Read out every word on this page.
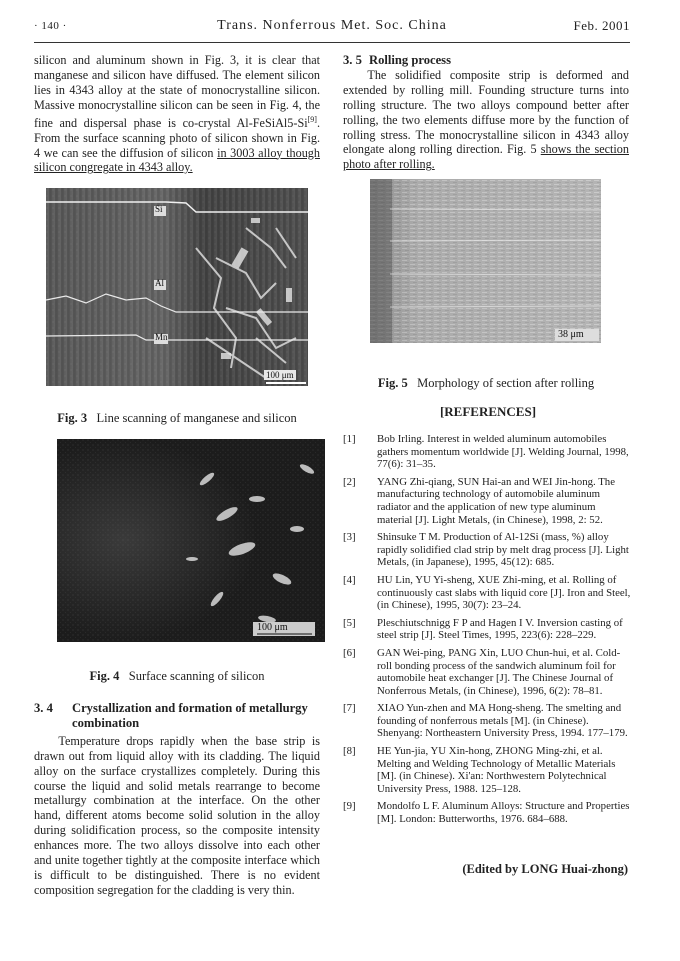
· 140 ·	Trans. Nonferrous Met. Soc. China	Feb. 2001

silicon and aluminum shown in Fig. 3, it is clear that manganese and silicon have diffused. The element silicon lies in 4343 alloy at the state of monocrystalline silicon. Massive monocrystalline silicon can be seen in Fig. 4, the fine and dispersal phase is co-crystal Al-FeSiAl5-Si[9]. From the surface scanning photo of silicon shown in Fig. 4 we can see the diffusion of silicon in 3003 alloy though silicon congregate in 4343 alloy.

Si
Al
Mn
100 μm
Fig. 3 Line scanning of manganese and silicon
100 μm
Fig. 4 Surface scanning of silicon
3. 4	Crystallization and formation of metallurgy combination

Temperature drops rapidly when the base strip is drawn out from liquid alloy with its cladding. The liquid alloy on the surface crystallizes completely. During this course the liquid and solid metals rearrange to become metallurgy combination at the interface. On the other hand, different atoms become solid solution in the alloy during solidification process, so the composite intensity enhances more. The two alloys dissolve into each other and unite together tightly at the composite interface which is difficult to be distinguished. There is no evident composition segregation for the cladding is very thin.

3. 5 Rolling process

The solidified composite strip is deformed and extended by rolling mill. Founding structure turns into rolling structure. The two alloys compound better after rolling, the two elements diffuse more by the function of rolling stress. The monocrystalline silicon in 4343 alloy elongate along rolling direction. Fig. 5 shows the section photo after rolling.

38 μm
Fig. 5 Morphology of section after rolling
[REFERENCES]
[1]	Bob Irling. Interest in welded aluminum automobiles gathers momentum worldwide [J]. Welding Journal, 1998, 77(6): 31–35.
[2]	YANG Zhi-qiang, SUN Hai-an and WEI Jin-hong. The manufacturing technology of automobile aluminum radiator and the application of new type aluminum material [J]. Light Metals, (in Chinese), 1998, 2: 52.
[3]	Shinsuke T M. Production of Al-12Si (mass, %) alloy rapidly solidified clad strip by melt drag process [J]. Light Metals, (in Japanese), 1995, 45(12): 685.
[4]	HU Lin, YU Yi-sheng, XUE Zhi-ming, et al. Rolling of continuously cast slabs with liquid core [J]. Iron and Steel, (in Chinese), 1995, 30(7): 23–24.
[5]	Pleschiutschnigg F P and Hagen I V. Inversion casting of steel strip [J]. Steel Times, 1995, 223(6): 228–229.
[6]	GAN Wei-ping, PANG Xin, LUO Chun-hui, et al. Cold-roll bonding process of the sandwich aluminum foil for automobile heat exchanger [J]. The Chinese Journal of Nonferrous Metals, (in Chinese), 1996, 6(2): 78–81.
[7]	XIAO Yun-zhen and MA Hong-sheng. The smelting and founding of nonferrous metals [M]. (in Chinese). Shenyang: Northeastern University Press, 1994. 177–179.
[8]	HE Yun-jia, YU Xin-hong, ZHONG Ming-zhi, et al. Melting and Welding Technology of Metallic Materials [M]. (in Chinese). Xi'an: Northwestern Polytechnical University Press, 1988. 125–128.
[9]	Mondolfo L F. Aluminum Alloys: Structure and Properties [M]. London: Butterworths, 1976. 684–688.
(Edited by LONG Huai-zhong)
